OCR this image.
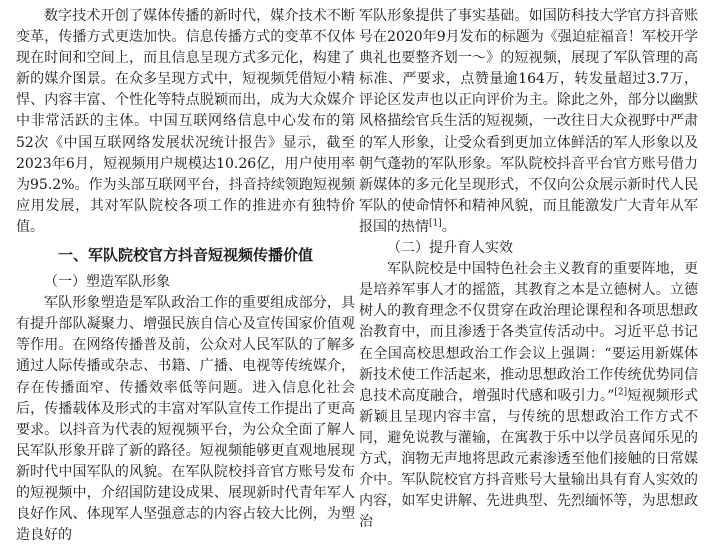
数字技术开创了媒体传播的新时代，媒介技术不断变革，传播方式更迭加快。信息传播方式的变革不仅体现在时间和空间上，而且信息呈现方式多元化，构建了新的媒介图景。在众多呈现方式中，短视频凭借短小精悍、内容丰富、个性化等特点脱颖而出，成为大众媒介中非常活跃的主体。中国互联网络信息中心发布的第52次《中国互联网络发展状况统计报告》显示，截至2023年6月，短视频用户规模达10.26亿，用户使用率为95.2%。作为头部互联网平台，抖音持续领跑短视频应用发展，其对军队院校各项工作的推进亦有独特价值。

一、军队院校官方抖音短视频传播价值
（一）塑造军队形象

军队形象塑造是军队政治工作的重要组成部分，具有提升部队凝聚力、增强民族自信心及宣传国家价值观等作用。在网络传播普及前，公众对人民军队的了解多通过人际传播或杂志、书籍、广播、电视等传统媒介，存在传播面窄、传播效率低等问题。进入信息化社会后，传播载体及形式的丰富对军队宣传工作提出了更高要求。以抖音为代表的短视频平台，为公众全面了解人民军队形象开辟了新的路径。短视频能够更直观地展现新时代中国军队的风貌。在军队院校抖音官方账号发布的短视频中，介绍国防建设成果、展现新时代青年军人良好作风、体现军人坚强意志的内容占较大比例，为塑造良好的

军队形象提供了事实基础。如国防科技大学官方抖音账号在2020年9月发布的标题为《强迫症福音！军校开学典礼也要整齐划一～》的短视频，展现了军队管理的高标准、严要求，点赞量逾164万，转发量超过3.7万，评论区发声也以正向评价为主。除此之外，部分以幽默风格描绘官兵生活的短视频，一改往日大众视野中严肃的军人形象，让受众看到更加立体鲜活的军人形象以及朝气蓬勃的军队形象。军队院校抖音平台官方账号借力新媒体的多元化呈现形式，不仅向公众展示新时代人民军队的使命情怀和精神风貌，而且能激发广大青年从军报国的热情[1]。

（二）提升育人实效

军队院校是中国特色社会主义教育的重要阵地，更是培养军事人才的摇篮，其教育之本是立德树人。立德树人的教育理念不仅贯穿在政治理论课程和各项思想政治教育中，而且渗透于各类宣传活动中。习近平总书记在全国高校思想政治工作会议上强调：“要运用新媒体新技术使工作活起来，推动思想政治工作传统优势同信息技术高度融合，增强时代感和吸引力。”[2]短视频形式新颖且呈现内容丰富，与传统的思想政治工作方式不同，避免说教与灌输，在寓教于乐中以学员喜闻乐见的方式，润物无声地将思政元素渗透至他们接触的日常媒介中。军队院校官方抖音账号大量输出具有育人实效的内容，如军史讲解、先进典型、先烈缅怀等，为思想政治
